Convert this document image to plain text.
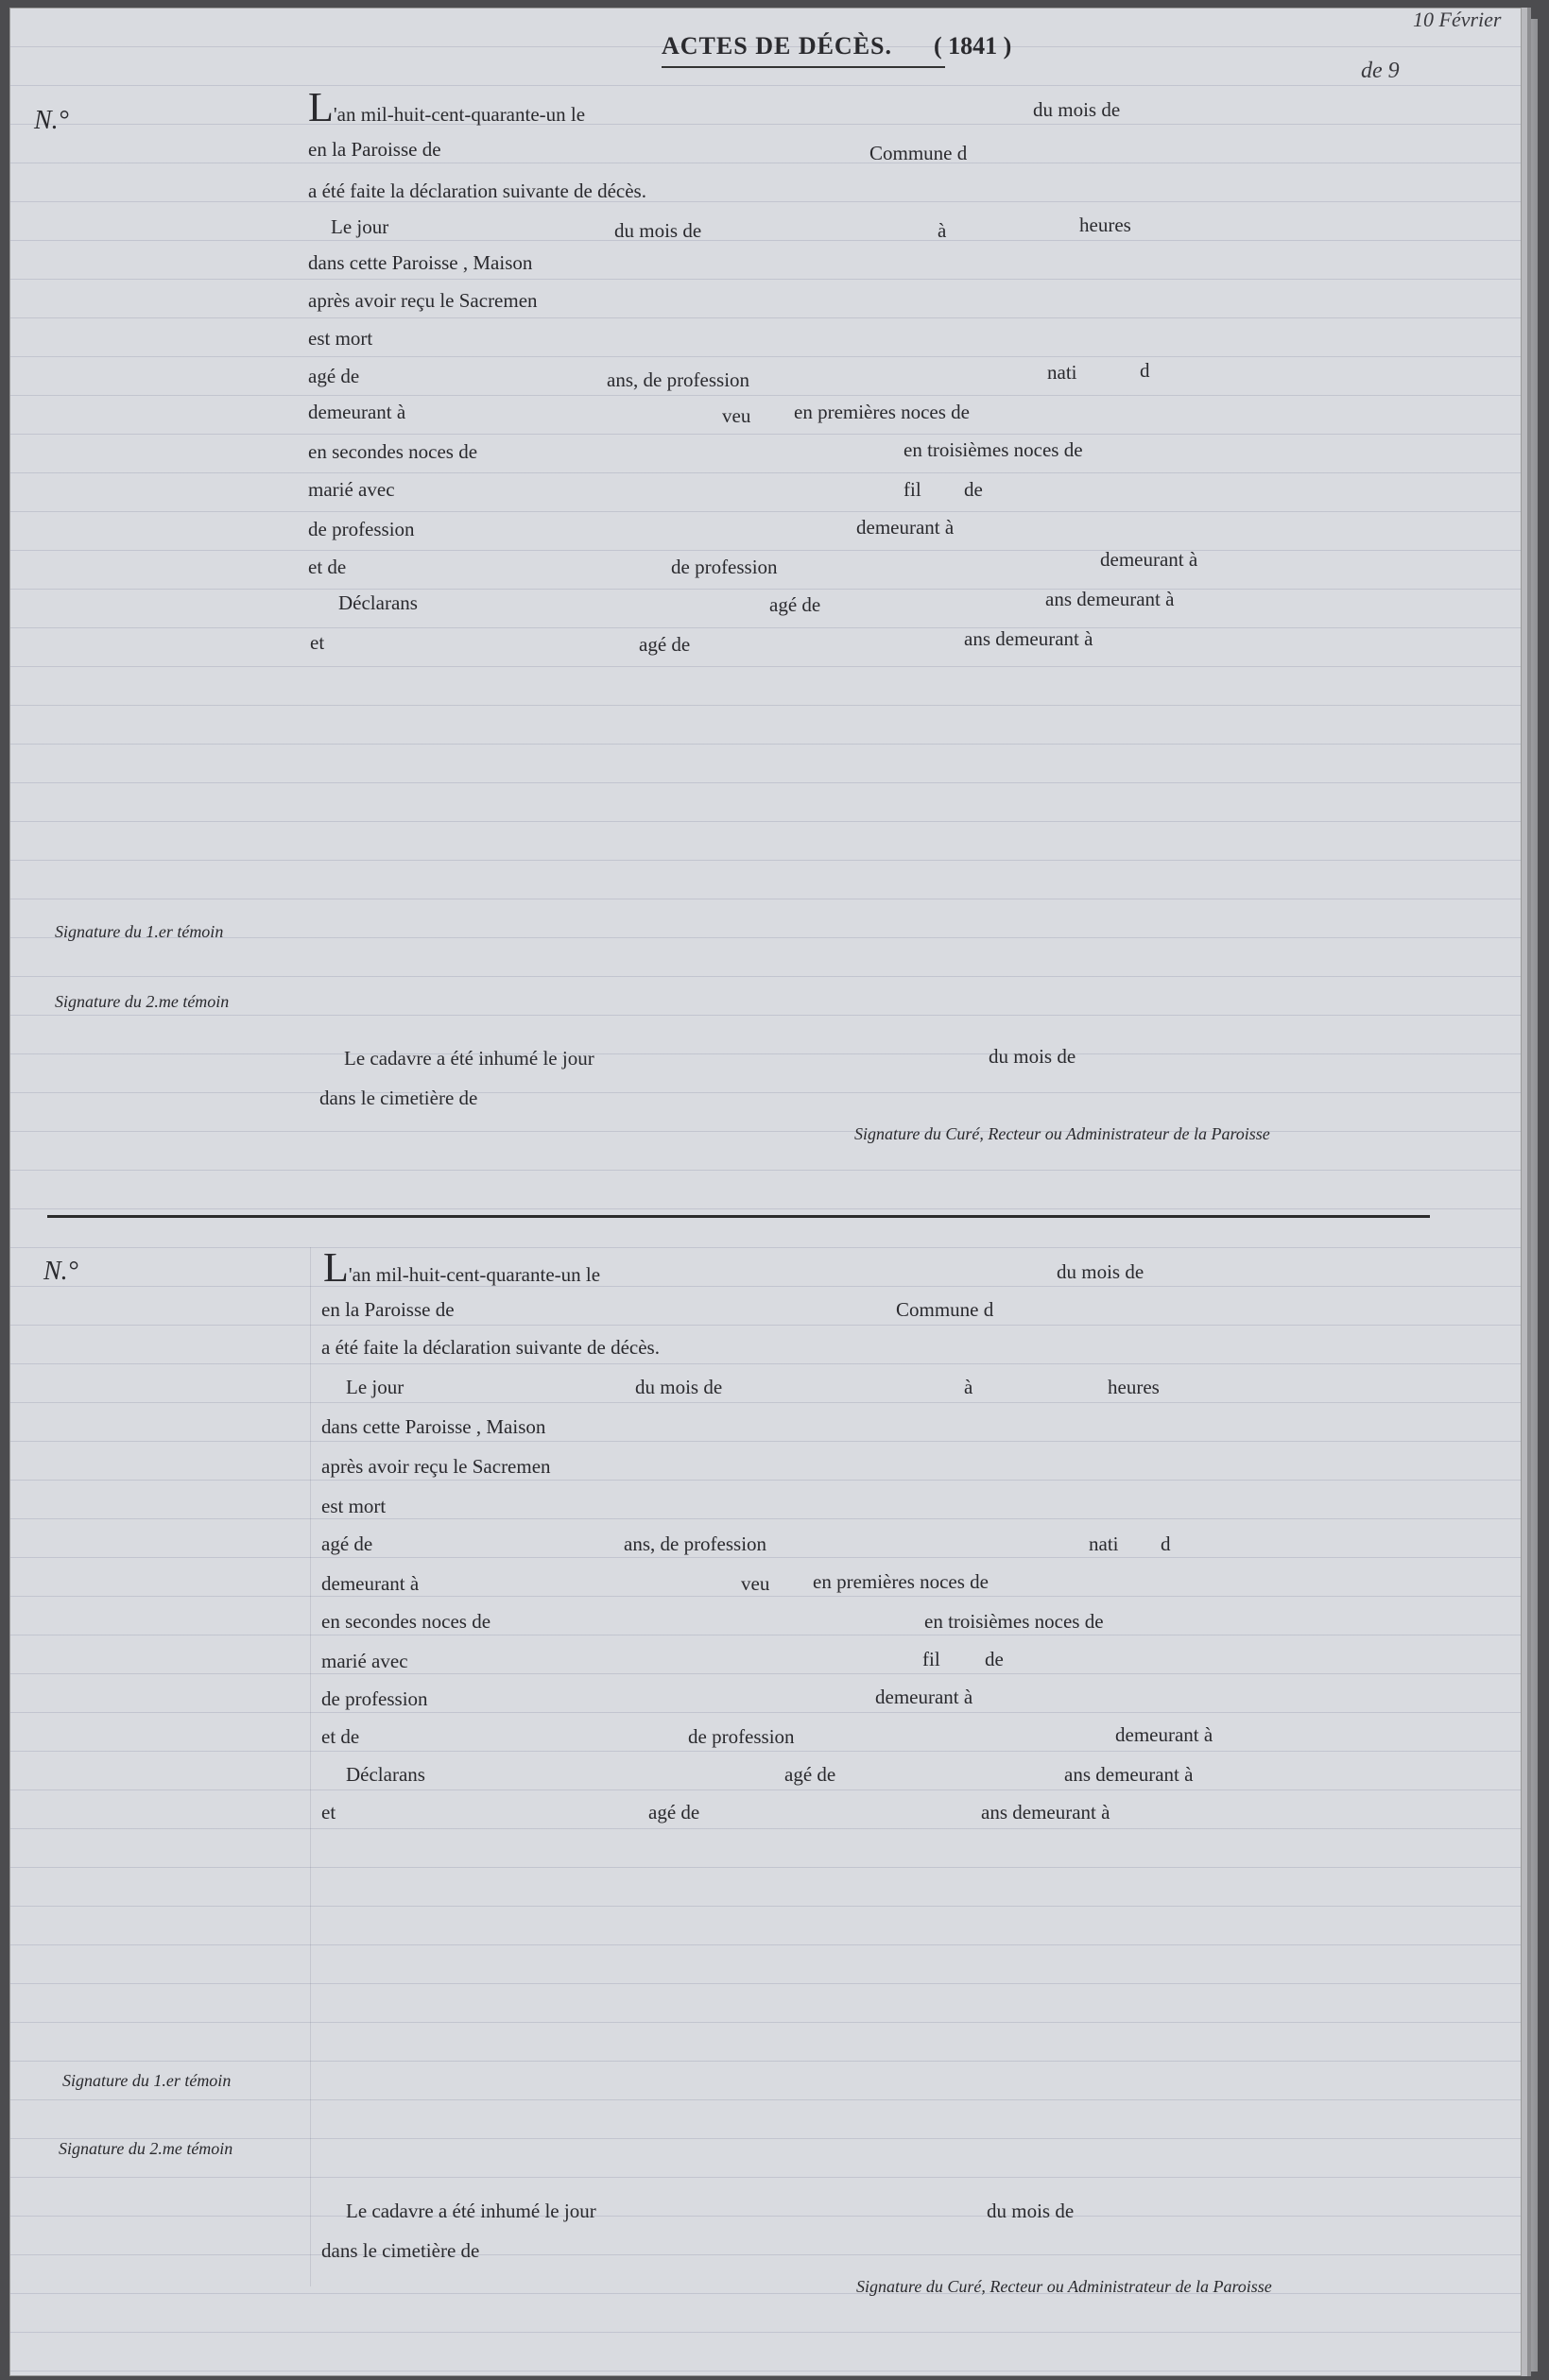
ACTES DE DÉCÈS. ( 1841 )
10 Février
de 9
N.°	L'an mil-huit-cent-quarante-un le	du mois de
en la Paroisse de	Commune d
a été faite la déclaration suivante de décès.
Le jour	du mois de	à	heures
dans cette Paroisse , Maison
après avoir reçu le Sacremen
est mort
agé de	ans, de profession	nati	d
demeurant à	veu en premières noces de
en secondes noces de	en troisièmes noces de
marié avec	fil de
de profession	demeurant à
et de	de profession	demeurant à
Déclarans	agé de	ans demeurant à
et	agé de	ans demeurant à
Signature du 1.er témoin
Signature du 2.me témoin
Le cadavre a été inhumé le jour	du mois de
dans le cimetière de
Signature du Curé, Recteur ou Administrateur de la Paroisse
N.°	L'an mil-huit-cent-quarante-un le	du mois de
en la Paroisse de	Commune d
a été faite la déclaration suivante de décès.
Le jour	du mois de	à	heures
dans cette Paroisse , Maison
après avoir reçu le Sacremen
est mort
agé de	ans, de profession	nati d
demeurant à	veu en premières noces de
en secondes noces de	en troisièmes noces de
marié avec	fil de
de profession	demeurant à
et de	de profession	demeurant à
Déclarans	agé de	ans demeurant à
et	agé de	ans demeurant à
Signature du 1.er témoin
Signature du 2.me témoin
Le cadavre a été inhumé le jour	du mois de
dans le cimetière de
Signature du Curé, Recteur ou Administrateur de la Paroisse
